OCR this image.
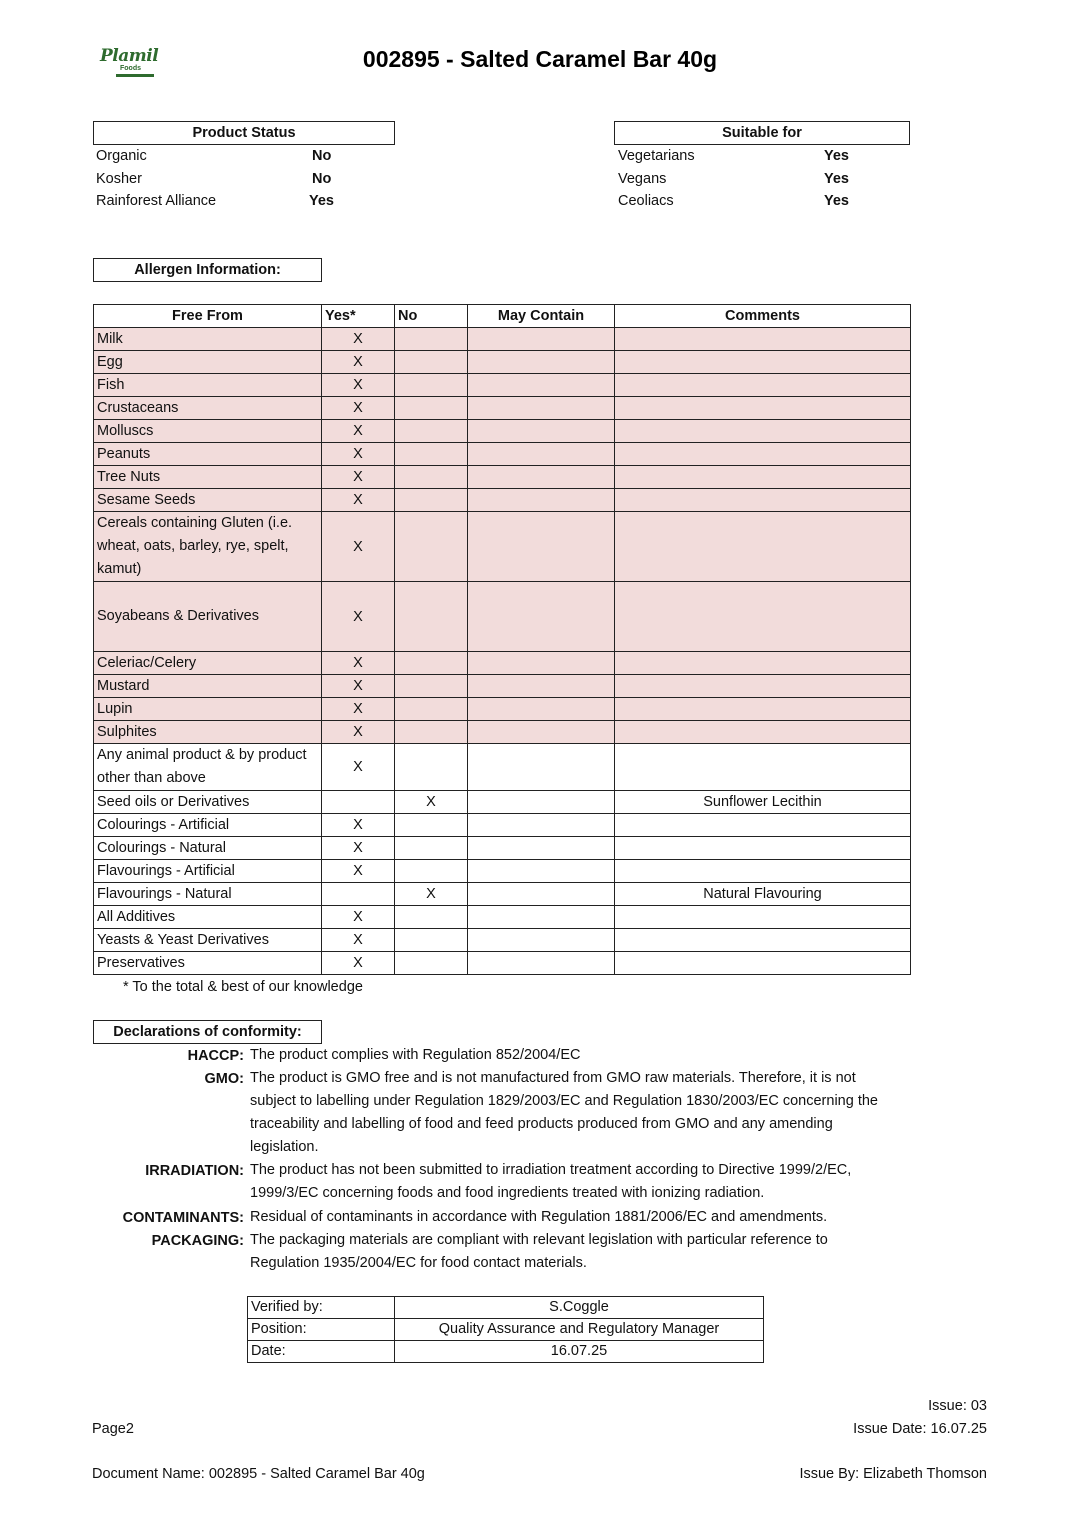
Plamil
Foods	002895 - Salted Caramel Bar 40g
Product Status
Organic	No
Kosher	No
Rainforest Alliance	Yes
Suitable for
Vegetarians	Yes
Vegans	Yes
Ceoliacs	Yes
Allergen Information:
Free From	Yes*	No	May Contain	Comments
Milk	X			
Egg	X			
Fish	X			
Crustaceans	X			
Molluscs	X			
Peanuts	X			
Tree Nuts	X			
Sesame Seeds	X			
Cereals containing Gluten (i.e. wheat, oats, barley, rye, spelt, kamut)	X			
Soyabeans & Derivatives	X			
Celeriac/Celery	X			
Mustard	X			
Lupin	X			
Sulphites	X			
Any animal product & by product other than above	X			
Seed oils or Derivatives		X		Sunflower Lecithin
Colourings - Artificial	X			
Colourings - Natural	X			
Flavourings - Artificial	X			
Flavourings - Natural		X		Natural Flavouring
All Additives	X			
Yeasts & Yeast Derivatives	X			
Preservatives	X			
* To the total & best of our knowledge
Declarations of conformity:
HACCP: The product complies with Regulation 852/2004/EC
GMO: The product is GMO free and is not manufactured from GMO raw materials. Therefore, it is not subject to labelling under Regulation 1829/2003/EC and Regulation 1830/2003/EC concerning the traceability and labelling of food and feed products produced from GMO and any amending legislation.
IRRADIATION: The product has not been submitted to irradiation treatment according to Directive 1999/2/EC, 1999/3/EC concerning foods and food ingredients treated with ionizing radiation.
CONTAMINANTS: Residual of contaminants in accordance with Regulation 1881/2006/EC and amendments.
PACKAGING: The packaging materials are compliant with relevant legislation with particular reference to Regulation 1935/2004/EC for food contact materials.
Verified by:	S.Coggle
Position:	Quality Assurance and Regulatory Manager
Date:	16.07.25
Issue: 03
Page2	Issue Date: 16.07.25
Document Name: 002895 - Salted Caramel Bar 40g	Issue By: Elizabeth Thomson
